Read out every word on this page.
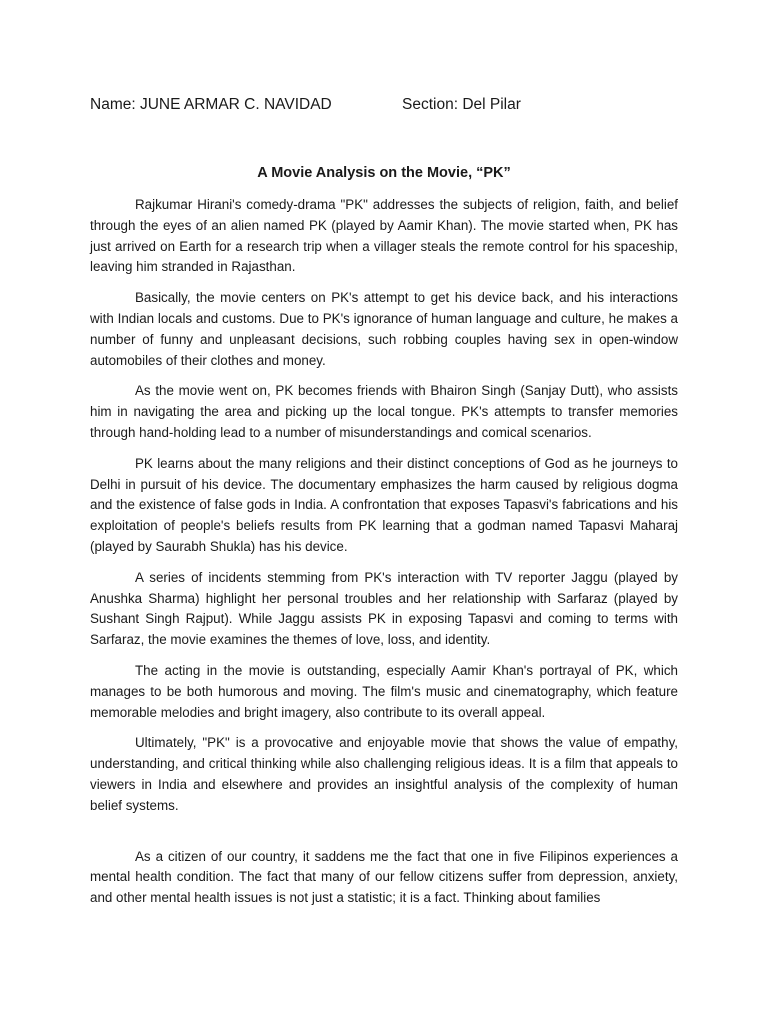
Name: JUNE ARMAR C. NAVIDAD	Section: Del Pilar
A Movie Analysis on the Movie, “PK”

Rajkumar Hirani's comedy-drama "PK" addresses the subjects of religion, faith, and belief through the eyes of an alien named PK (played by Aamir Khan). The movie started when, PK has just arrived on Earth for a research trip when a villager steals the remote control for his spaceship, leaving him stranded in Rajasthan.

Basically, the movie centers on PK's attempt to get his device back, and his interactions with Indian locals and customs. Due to PK's ignorance of human language and culture, he makes a number of funny and unpleasant decisions, such robbing couples having sex in open-window automobiles of their clothes and money.

As the movie went on, PK becomes friends with Bhairon Singh (Sanjay Dutt), who assists him in navigating the area and picking up the local tongue. PK's attempts to transfer memories through hand-holding lead to a number of misunderstandings and comical scenarios.

PK learns about the many religions and their distinct conceptions of God as he journeys to Delhi in pursuit of his device. The documentary emphasizes the harm caused by religious dogma and the existence of false gods in India. A confrontation that exposes Tapasvi's fabrications and his exploitation of people's beliefs results from PK learning that a godman named Tapasvi Maharaj (played by Saurabh Shukla) has his device.

A series of incidents stemming from PK's interaction with TV reporter Jaggu (played by Anushka Sharma) highlight her personal troubles and her relationship with Sarfaraz (played by Sushant Singh Rajput). While Jaggu assists PK in exposing Tapasvi and coming to terms with Sarfaraz, the movie examines the themes of love, loss, and identity.

The acting in the movie is outstanding, especially Aamir Khan's portrayal of PK, which manages to be both humorous and moving. The film's music and cinematography, which feature memorable melodies and bright imagery, also contribute to its overall appeal.

Ultimately, "PK" is a provocative and enjoyable movie that shows the value of empathy, understanding, and critical thinking while also challenging religious ideas. It is a film that appeals to viewers in India and elsewhere and provides an insightful analysis of the complexity of human belief systems.

As a citizen of our country, it saddens me the fact that one in five Filipinos experiences a mental health condition. The fact that many of our fellow citizens suffer from depression, anxiety, and other mental health issues is not just a statistic; it is a fact. Thinking about families
